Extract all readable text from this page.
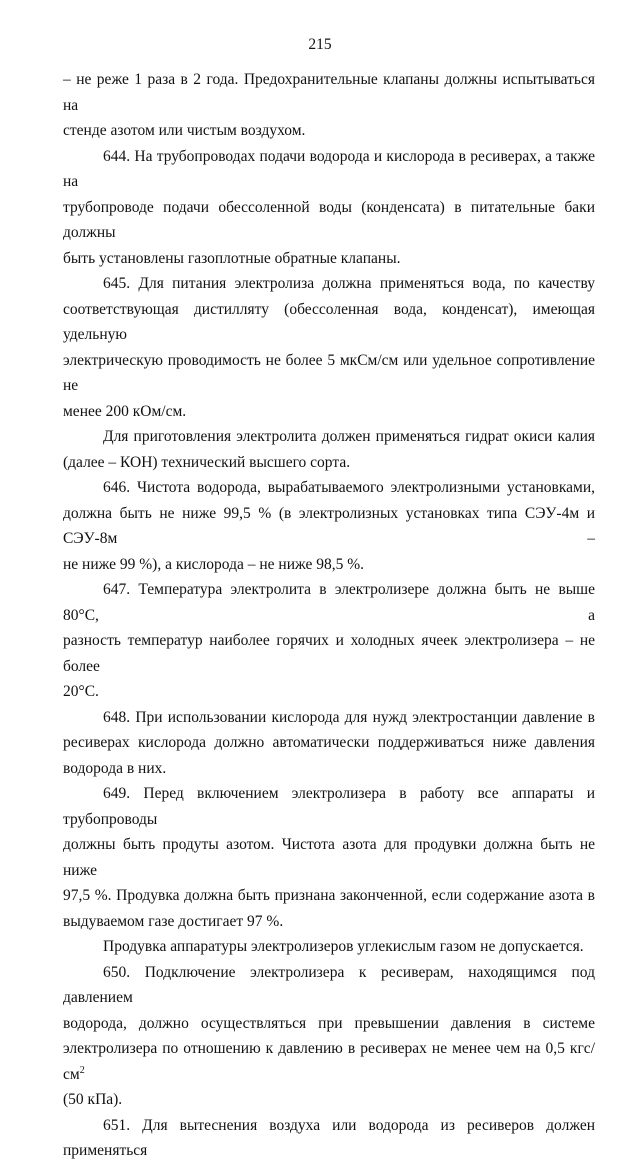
215

– не реже 1 раза в 2 года. Предохранительные клапаны должны испытываться на
стенде азотом или чистым воздухом.

644. На трубопроводах подачи водорода и кислорода в ресиверах, а также на
трубопроводе подачи обессоленной воды (конденсата) в питательные баки должны
быть установлены газоплотные обратные клапаны.

645. Для питания электролиза должна применяться вода, по качеству
соответствующая дистилляту (обессоленная вода, конденсат), имеющая удельную
электрическую проводимость не более 5 мкСм/см или удельное сопротивление не
менее 200 кОм/см.

Для приготовления электролита должен применяться гидрат окиси калия
(далее – КОН) технический высшего сорта.

646. Чистота водорода, вырабатываемого электролизными установками,
должна быть не ниже 99,5 % (в электролизных установках типа СЭУ-4м и СЭУ-8м –
не ниже 99 %), а кислорода – не ниже 98,5 %.

647. Температура электролита в электролизере должна быть не выше 80°С, а
разность температур наиболее горячих и холодных ячеек электролизера – не более
20°С.

648. При использовании кислорода для нужд электростанции давление в
ресиверах кислорода должно автоматически поддерживаться ниже давления
водорода в них.

649. Перед включением электролизера в работу все аппараты и трубопроводы
должны быть продуты азотом. Чистота азота для продувки должна быть не ниже
97,5 %. Продувка должна быть признана законченной, если содержание азота в
выдуваемом газе достигает 97 %.

Продувка аппаратуры электролизеров углекислым газом не допускается.

650. Подключение электролизера к ресиверам, находящимся под давлением
водорода, должно осуществляться при превышении давления в системе
электролизера по отношению к давлению в ресиверах не менее чем на 0,5 кгс/$см^2$
(50 кПа).

651. Для вытеснения воздуха или водорода из ресиверов должен применяться
